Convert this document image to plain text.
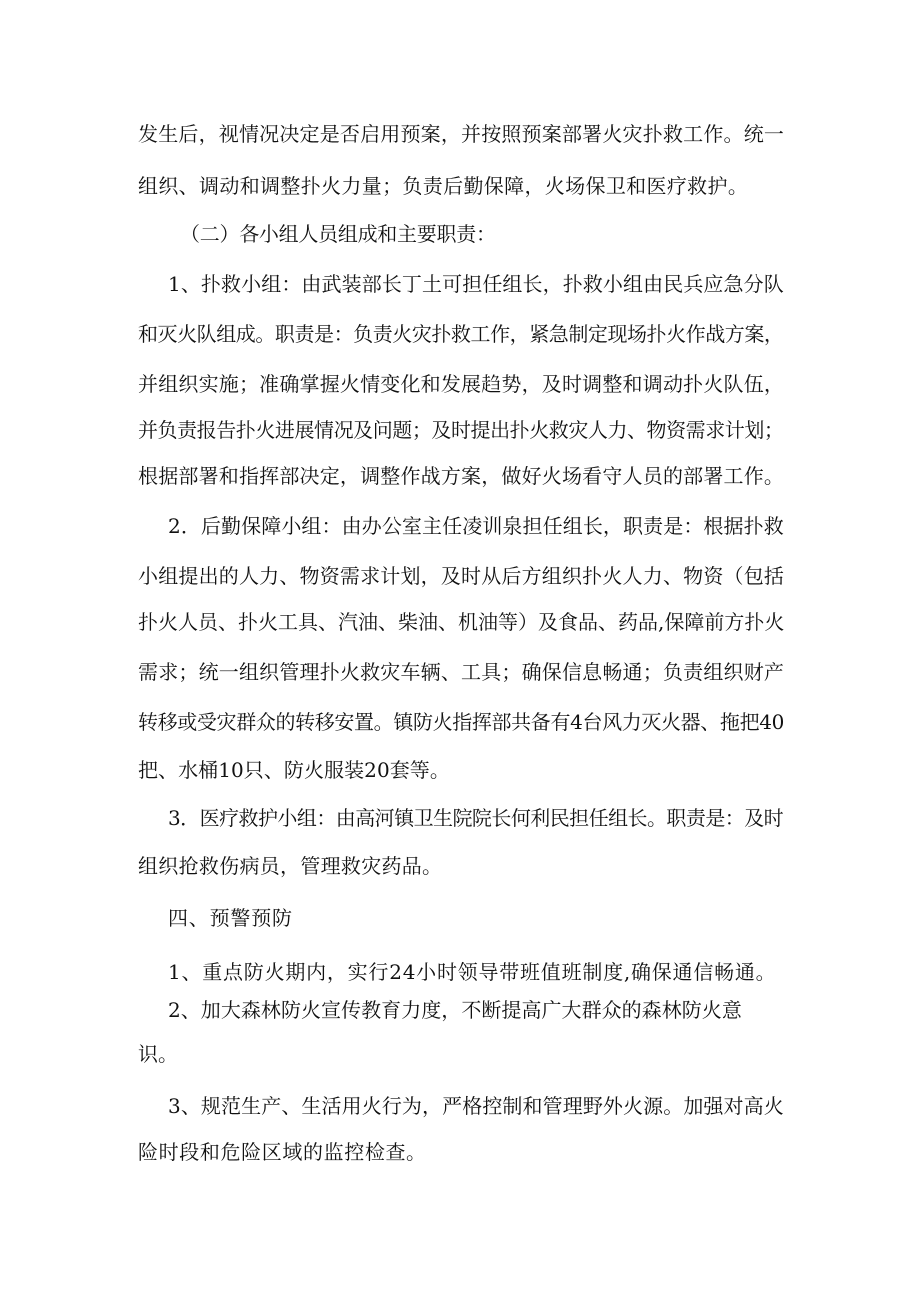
发生后，视情况决定是否启用预案，并按照预案部署火灾扑救工作。统一

组织、调动和调整扑火力量；负责后勤保障，火场保卫和医疗救护。

（二）各小组人员组成和主要职责：

1、扑救小组：由武装部长丁土可担任组长，扑救小组由民兵应急分队

和灭火队组成。职责是：负责火灾扑救工作，紧急制定现场扑火作战方案，

并组织实施；准确掌握火情变化和发展趋势，及时调整和调动扑火队伍，

并负责报告扑火进展情况及问题；及时提出扑火救灾人力、物资需求计划；

根据部署和指挥部决定，调整作战方案，做好火场看守人员的部署工作。

2．后勤保障小组：由办公室主任凌训泉担任组长，职责是：根据扑救

小组提出的人力、物资需求计划，及时从后方组织扑火人力、物资（包括

扑火人员、扑火工具、汽油、柴油、机油等）及食品、药品,保障前方扑火

需求；统一组织管理扑火救灾车辆、工具；确保信息畅通；负责组织财产

转移或受灾群众的转移安置。镇防火指挥部共备有4台风力灭火器、拖把40

把、水桶10只、防火服装20套等。

3．医疗救护小组：由高河镇卫生院院长何利民担任组长。职责是：及时

组织抢救伤病员，管理救灾药品。

四、预警预防

1、重点防火期内，实行24小时领导带班值班制度,确保通信畅通。

2、加大森林防火宣传教育力度，不断提高广大群众的森林防火意

识。

3、规范生产、生活用火行为，严格控制和管理野外火源。加强对高火

险时段和危险区域的监控检查。
